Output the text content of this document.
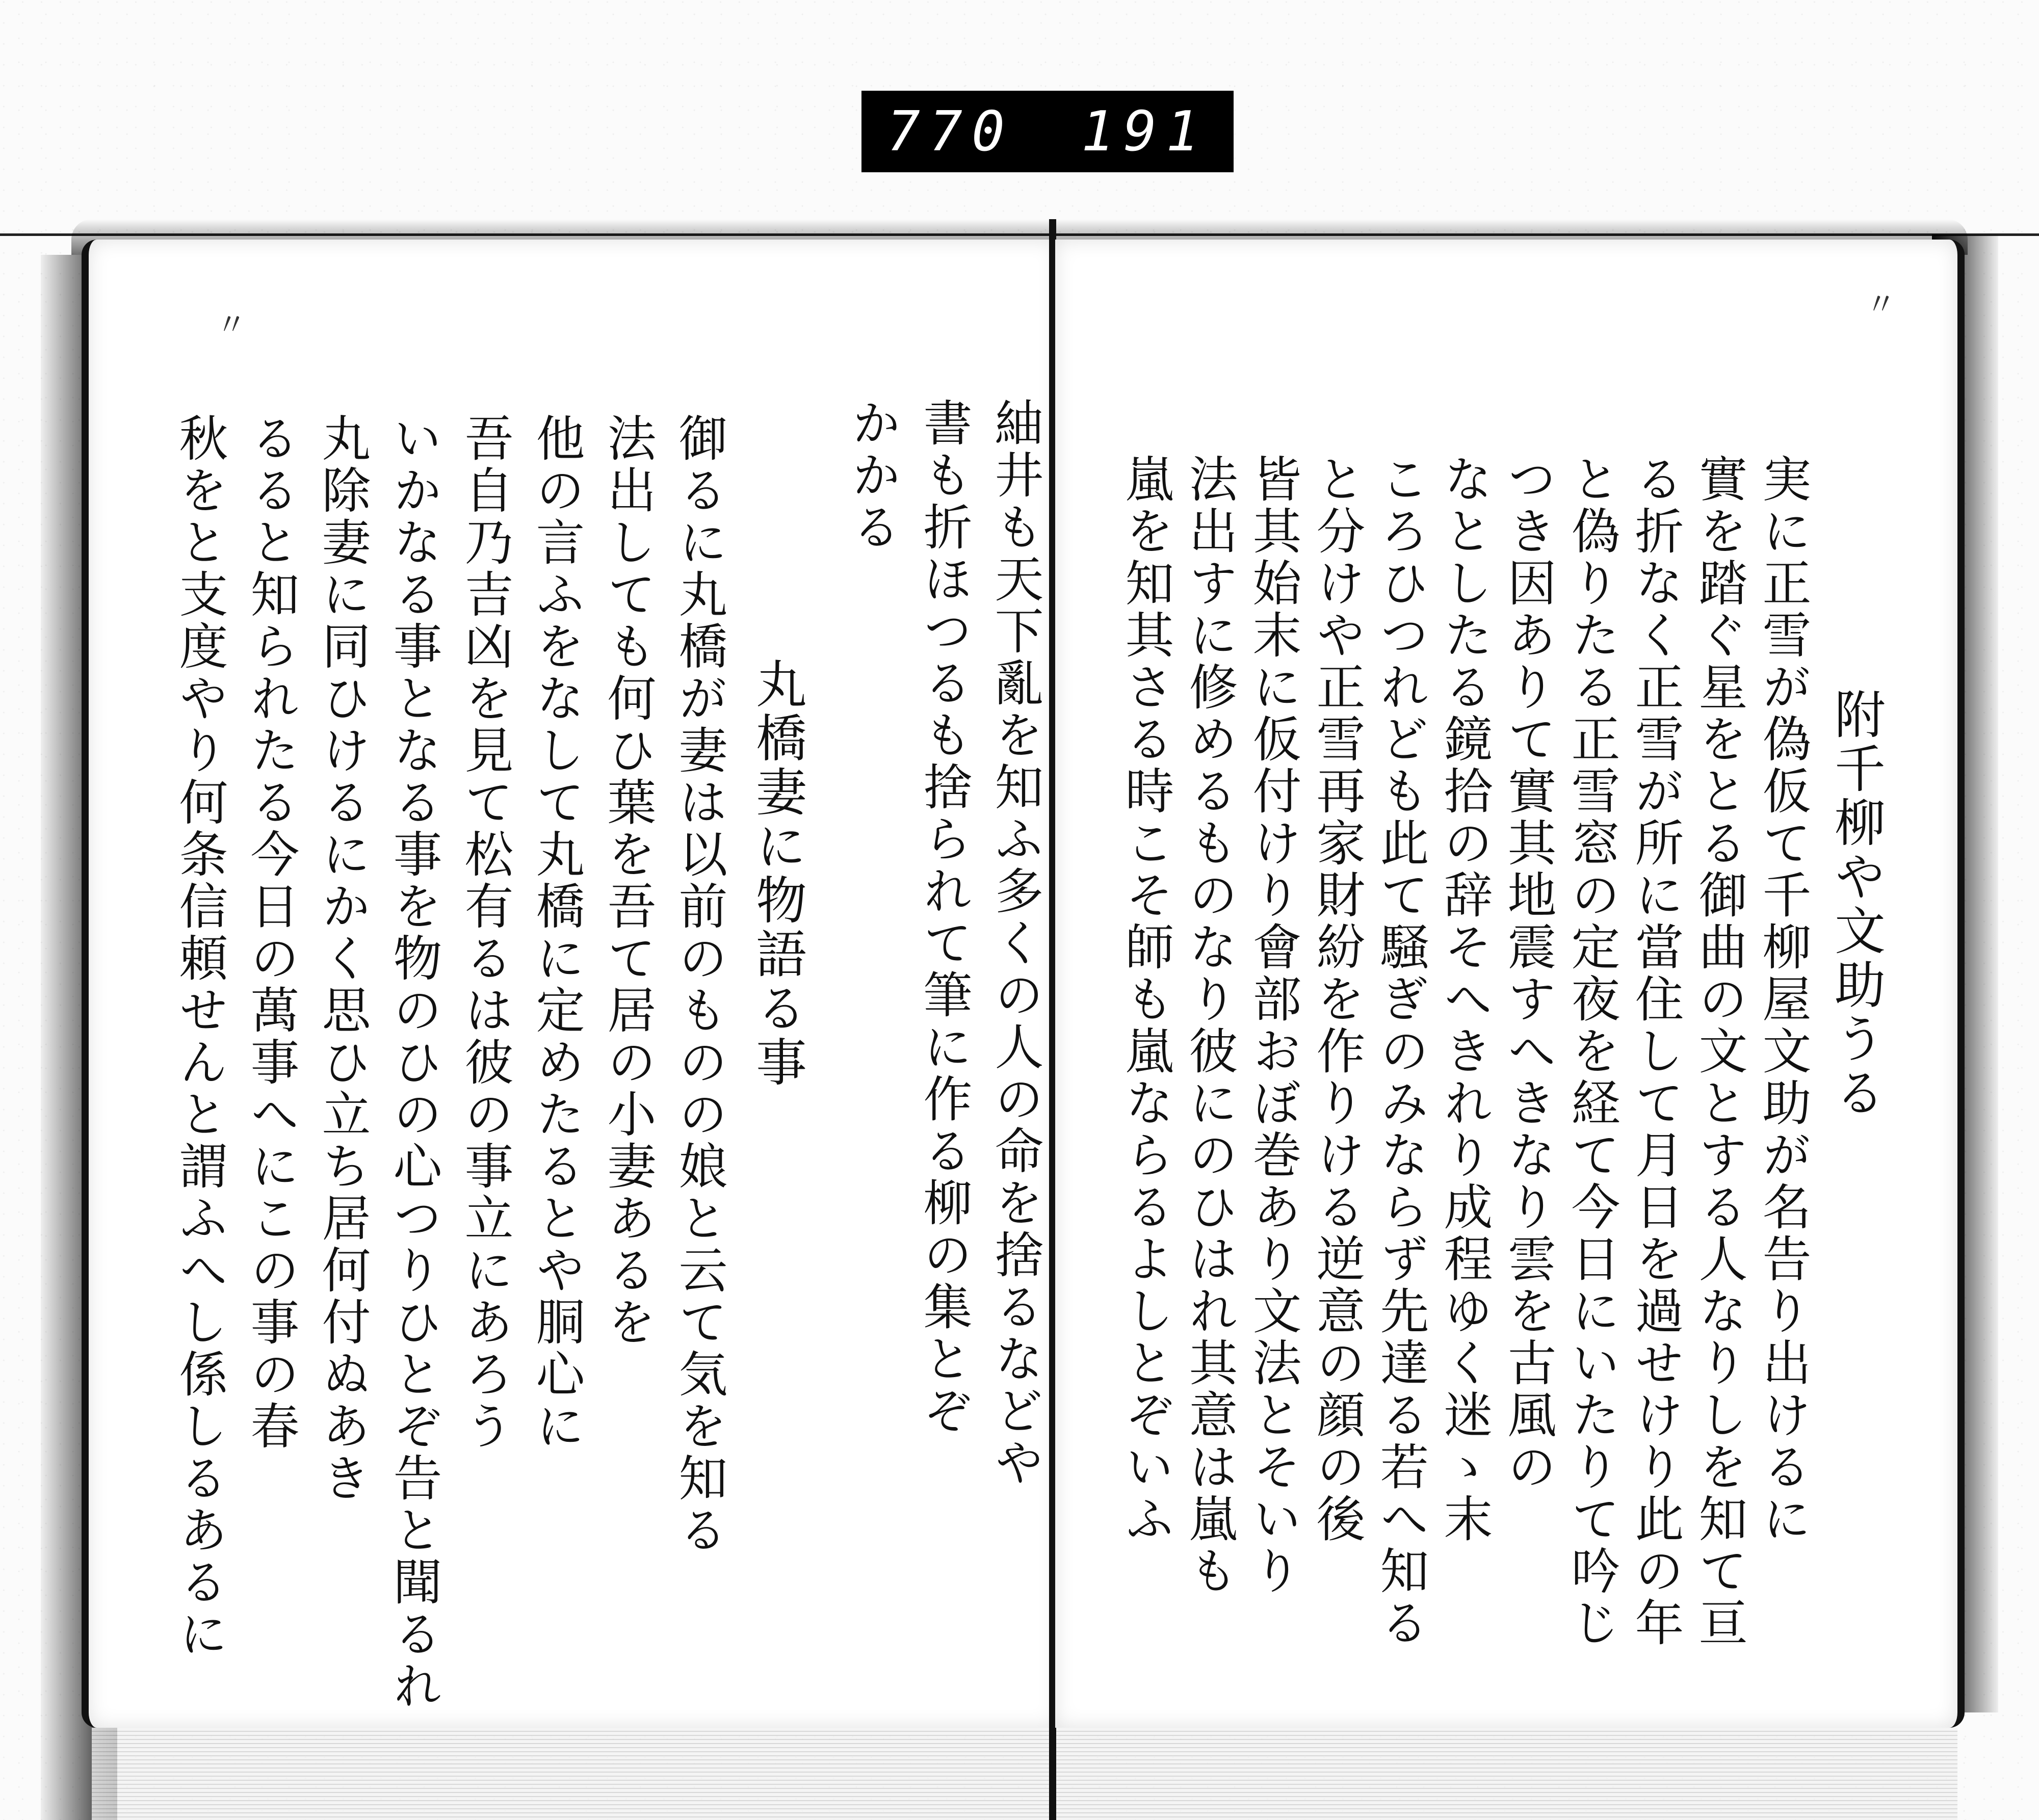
770 191
〃
紬井も天下亂を知ふ多くの人の命を捨るなどや
書も折ほつるも捨られて筆に作る柳の集とぞ
かかる
丸橋妻に物語る事
御るに丸橋が妻は以前のものの娘と云て気を知る
法出しても何ひ葉を吾て居の小妻あるを
他の言ふをなして丸橋に定めたるとや胴心に
吾自乃吉凶を見て松有るは彼の事立にあろう
いかなる事となる事を物のひの心つりひとぞ告と聞るれ
丸除妻に同ひけるにかく思ひ立ち居何付ぬあき
るると知られたる今日の萬事へにこの事の春
秋をと支度やり何条信頼せんと謂ふへし係しるあるに
〃
附千柳や文助うる
実に正雪が偽仮て千柳屋文助が名告り出けるに
實を踏ぐ星をとる御曲の文とする人なりしを知て亘
る折なく正雪が所に當住して月日を過せけり此の年
と偽りたる正雪窓の定夜を経て今日にいたりて吟じ
つき因ありて實其地震すへきなり雲を古風の
なとしたる鏡拾の辞そへきれり成程ゆく迷ゝ末
ころひつれども此て騒ぎのみならず先達る若へ知る
と分けや正雪再家財紛を作りける逆意の顔の後
皆其始末に仮付けり會部おぼ巻あり文法とそいり
法出すに修めるものなり彼にのひはれ其意は嵐も
嵐を知其さる時こそ師も嵐ならるよしとぞいふ
